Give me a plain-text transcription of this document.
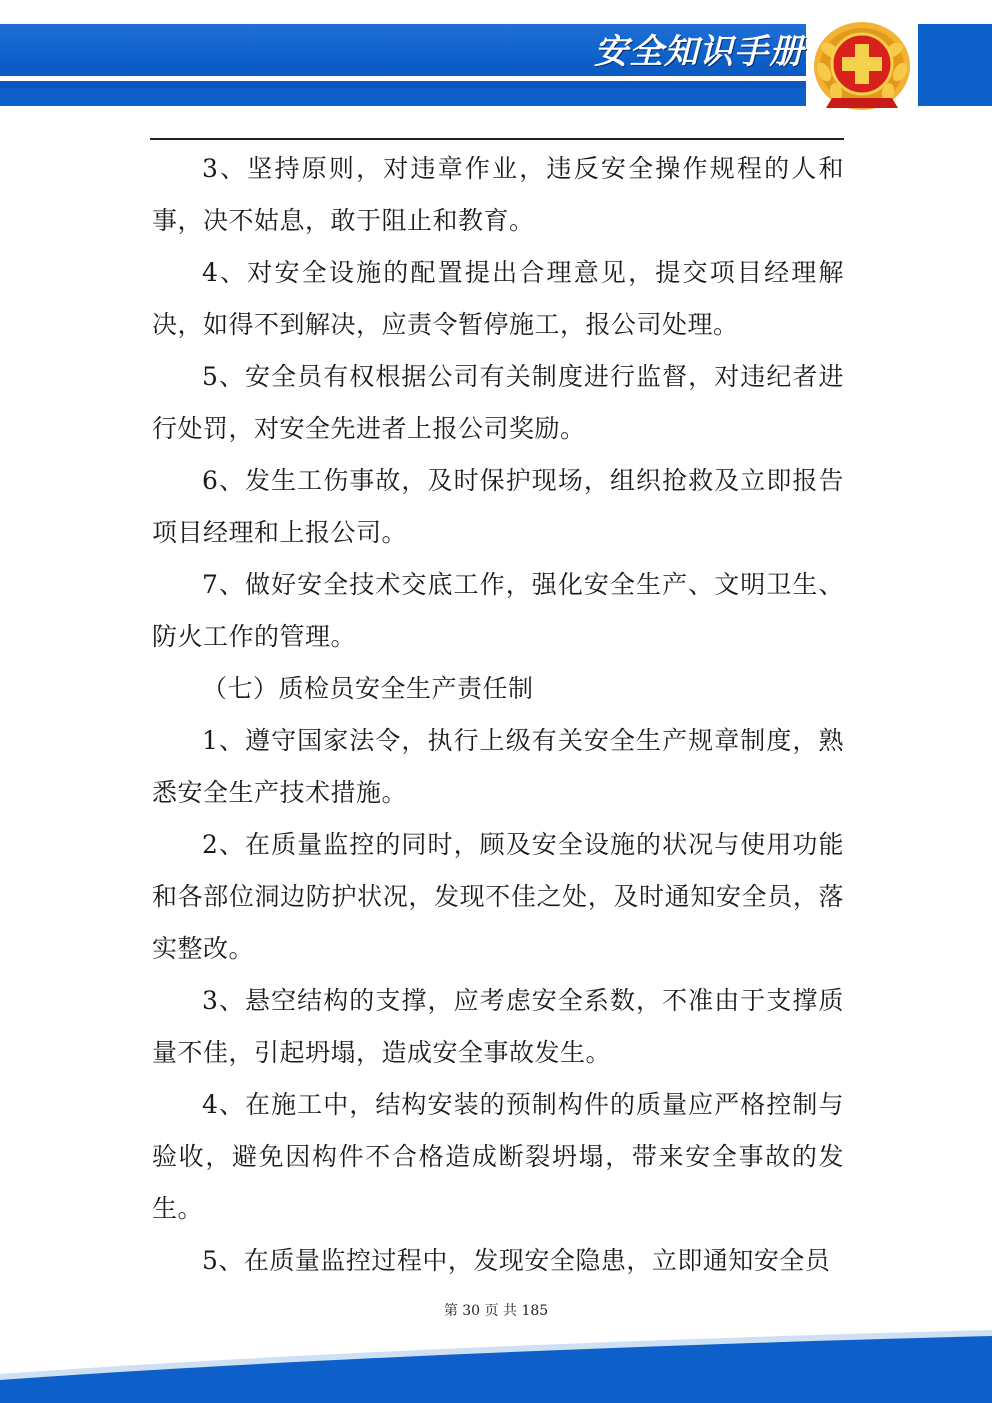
安全知识手册

3、坚持原则，对违章作业，违反安全操作规程的人和事，决不姑息，敢于阻止和教育。

4、对安全设施的配置提出合理意见，提交项目经理解决，如得不到解决，应责令暂停施工，报公司处理。

5、安全员有权根据公司有关制度进行监督，对违纪者进行处罚，对安全先进者上报公司奖励。

6、发生工伤事故，及时保护现场，组织抢救及立即报告项目经理和上报公司。

7、做好安全技术交底工作，强化安全生产、文明卫生、防火工作的管理。

（七）质检员安全生产责任制

1、遵守国家法令，执行上级有关安全生产规章制度，熟悉安全生产技术措施。

2、在质量监控的同时，顾及安全设施的状况与使用功能和各部位洞边防护状况，发现不佳之处，及时通知安全员，落实整改。

3、悬空结构的支撑，应考虑安全系数，不准由于支撑质量不佳，引起坍塌，造成安全事故发生。

4、在施工中，结构安装的预制构件的质量应严格控制与验收，避免因构件不合格造成断裂坍塌，带来安全事故的发生。

5、在质量监控过程中，发现安全隐患，立即通知安全员

第 30 页 共 185
